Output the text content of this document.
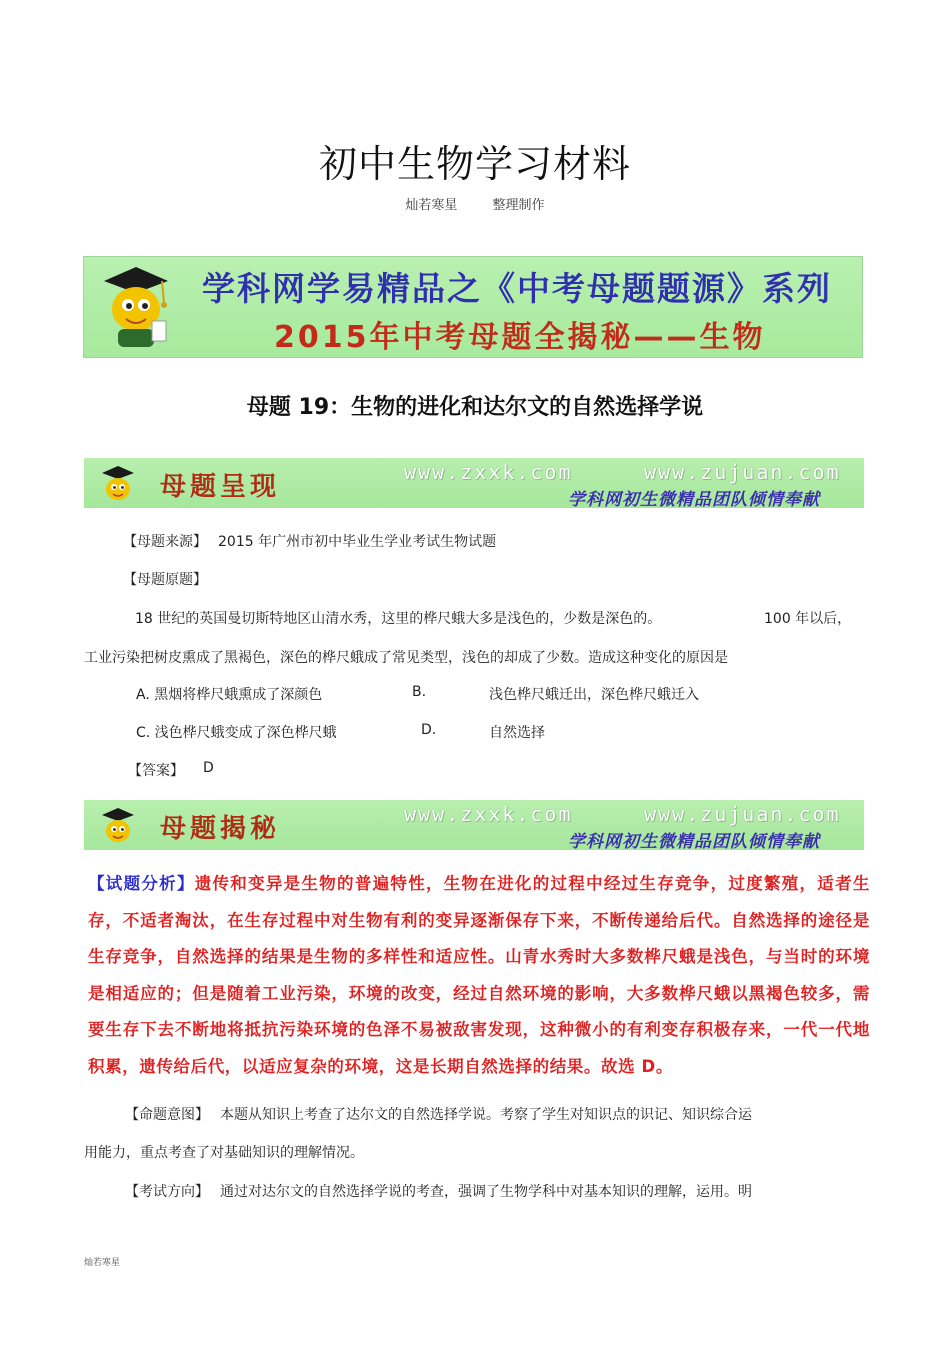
初中生物学习材料
灿若寒星　 整理制作
学科网学易精品之《中考母题题源》系列
2015年中考母题全揭秘——生物
母题 19：生物的进化和达尔文的自然选择学说
母题呈现	www.zxxk.com	www.zujuan.com
学科网初生微精品团队倾情奉献
【母题来源】 2015 年广州市初中毕业生学业考试生物试题
【母题原题】
18 世纪的英国曼切斯特地区山清水秀，这里的桦尺蛾大多是浅色的，少数是深色的。	100 年以后，
工业污染把树皮熏成了黑褐色，深色的桦尺蛾成了常见类型，浅色的却成了少数。造成这种变化的原因是
A. 黑烟将桦尺蛾熏成了深颜色	B.	浅色桦尺蛾迁出，深色桦尺蛾迁入
C. 浅色桦尺蛾变成了深色桦尺蛾	D.	自然选择
【答案】 D
母题揭秘	www.zxxk.com	www.zujuan.com
学科网初生微精品团队倾情奉献
【试题分析】遗传和变异是生物的普遍特性，生物在进化的过程中经过生存竞争，过度繁殖，适者生存，不适者淘汰，在生存过程中对生物有利的变异逐渐保存下来，不断传递给后代。自然选择的途径是生存竞争，自然选择的结果是生物的多样性和适应性。山青水秀时大多数桦尺蛾是浅色，与当时的环境是相适应的；但是随着工业污染，环境的改变，经过自然环境的影响，大多数桦尺蛾以黑褐色较多，需要生存下去不断地将抵抗污染环境的色泽不易被敌害发现，这种微小的有利变存积极存来，一代一代地积累，遗传给后代，以适应复杂的环境，这是长期自然选择的结果。故选 D。
【命题意图】 本题从知识上考查了达尔文的自然选择学说。考察了学生对知识点的识记、知识综合运
用能力，重点考查了对基础知识的理解情况。
【考试方向】 通过对达尔文的自然选择学说的考查，强调了生物学科中对基本知识的理解，运用。明
灿若寒星
